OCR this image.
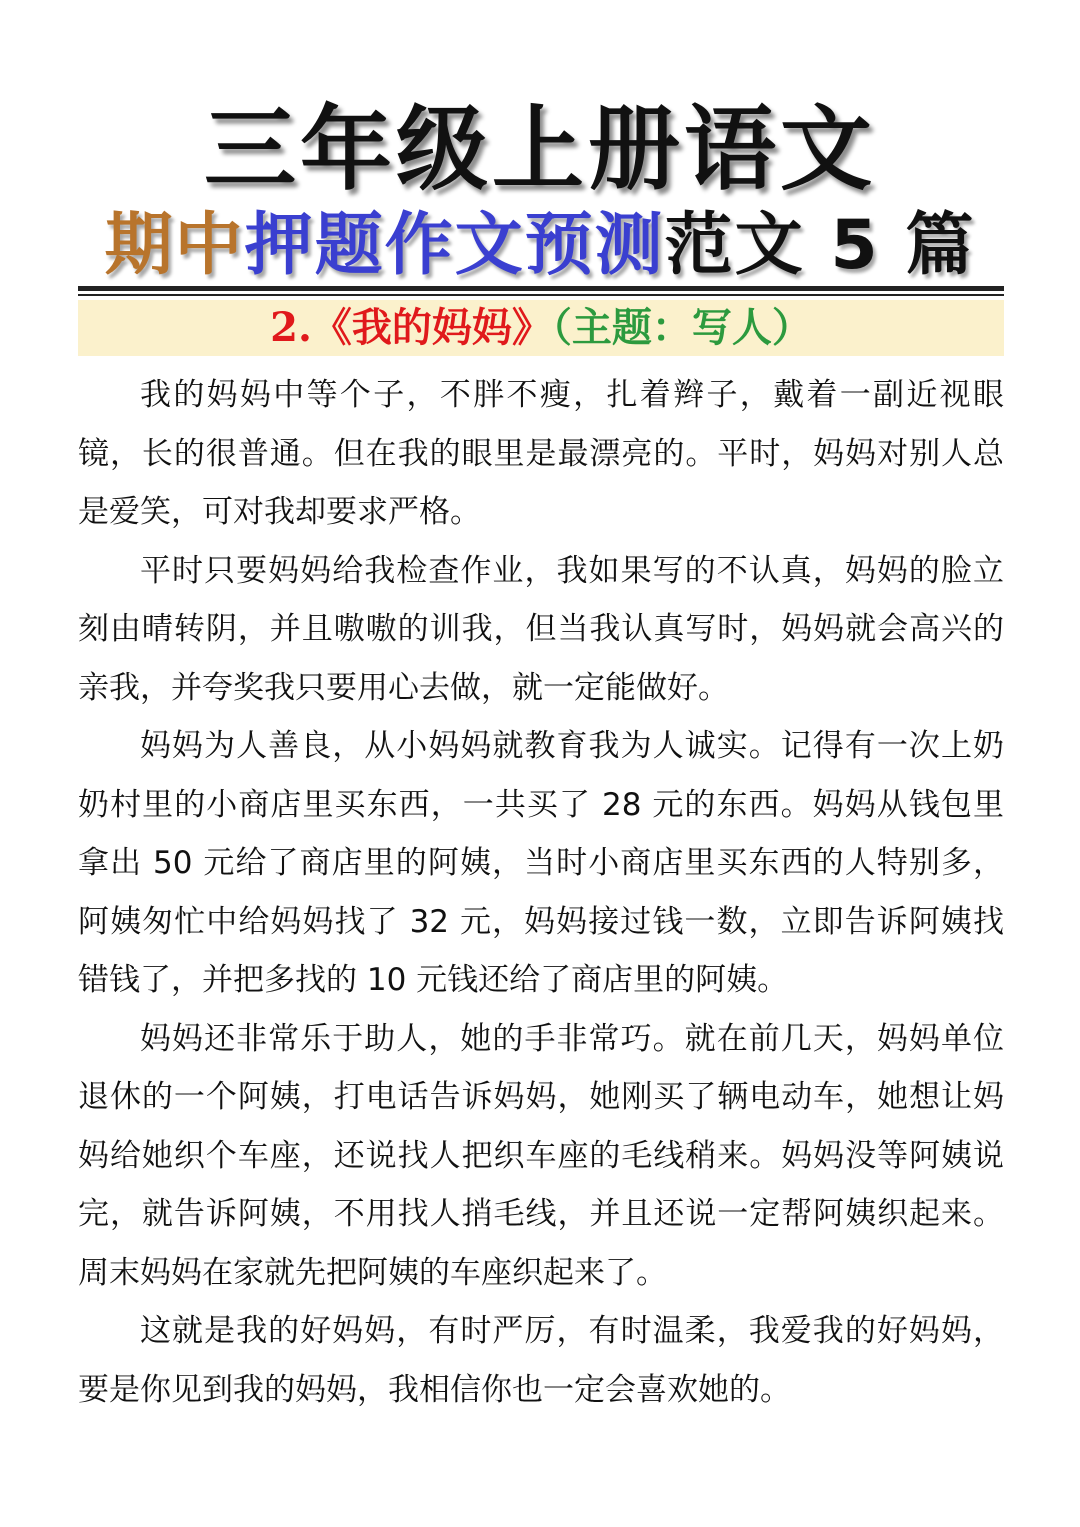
三年级上册语文
期中押题作文预测范文 5 篇
2.《我的妈妈》（主题：写人）

我的妈妈中等个子，不胖不瘦，扎着辫子，戴着一副近视眼镜，长的很普通。但在我的眼里是最漂亮的。平时，妈妈对别人总是爱笑，可对我却要求严格。

平时只要妈妈给我检查作业，我如果写的不认真，妈妈的脸立刻由晴转阴，并且嗷嗷的训我，但当我认真写时，妈妈就会高兴的亲我，并夸奖我只要用心去做，就一定能做好。

妈妈为人善良，从小妈妈就教育我为人诚实。记得有一次上奶奶村里的小商店里买东西，一共买了 28 元的东西。妈妈从钱包里拿出 50 元给了商店里的阿姨，当时小商店里买东西的人特别多，阿姨匆忙中给妈妈找了 32 元，妈妈接过钱一数，立即告诉阿姨找错钱了，并把多找的 10 元钱还给了商店里的阿姨。

妈妈还非常乐于助人，她的手非常巧。就在前几天，妈妈单位退休的一个阿姨，打电话告诉妈妈，她刚买了辆电动车，她想让妈妈给她织个车座，还说找人把织车座的毛线稍来。妈妈没等阿姨说完，就告诉阿姨，不用找人捎毛线，并且还说一定帮阿姨织起来。周末妈妈在家就先把阿姨的车座织起来了。

这就是我的好妈妈，有时严厉，有时温柔，我爱我的好妈妈，要是你见到我的妈妈，我相信你也一定会喜欢她的。
